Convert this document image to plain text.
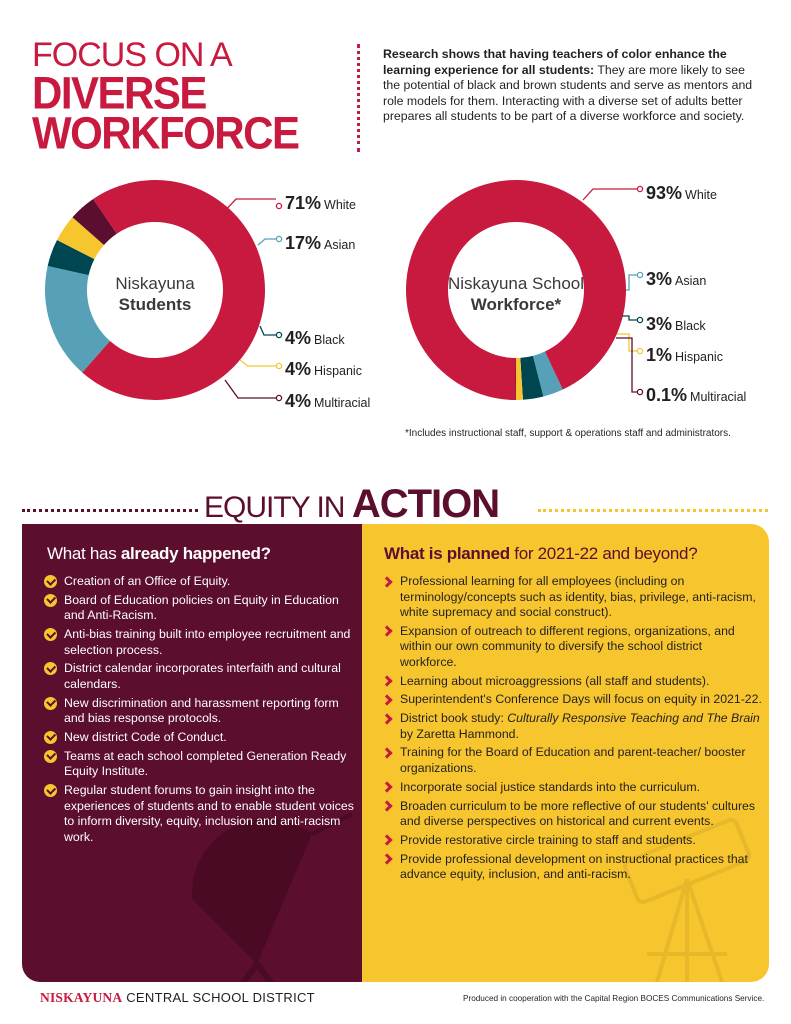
FOCUS ON A
DIVERSE
WORKFORCE

Research shows that having teachers of color enhance the learning experience for all students: They are more likely to see the potential of black and brown students and serve as mentors and role models for them. Interacting with a diverse set of adults better prepares all students to be part of a diverse workforce and society.

Niskayuna
Students
Niskayuna School
Workforce*
71% White
17% Asian
4% Black
4% Hispanic
4% Multiracial
93% White
3% Asian
3% Black
1% Hispanic
0.1% Multiracial
*Includes instructional staff, support & operations staff and administrators.
What has already happened?
Creation of an Office of Equity.
Board of Education policies on Equity in Education and Anti-Racism.
Anti-bias training built into employee recruitment and selection process.
District calendar incorporates interfaith and cultural calendars.
New discrimination and harassment reporting form and bias response protocols.
New district Code of Conduct.
Teams at each school completed Generation Ready Equity Institute.
Regular student forums to gain insight into the experiences of students and to enable student voices to inform diversity, equity, inclusion and anti-racism work.
What is planned for 2021-22 and beyond?
Professional learning for all employees (including on terminology/concepts such as identity, bias, privilege, anti-racism, white supremacy and social construct).
Expansion of outreach to different regions, organizations, and within our own community to diversify the school district workforce.
Learning about microaggressions (all staff and students).
Superintendent's Conference Days will focus on equity in 2021-22.
District book study: Culturally Responsive Teaching and The Brain by Zaretta Hammond.
Training for the Board of Education and parent-teacher/ booster organizations.
Incorporate social justice standards into the curriculum.
Broaden curriculum to be more reflective of our students' cultures and diverse perspectives on historical and current events.
Provide restorative circle training to staff and students.
Provide professional development on instructional practices that advance equity, inclusion, and anti-racism.
EQUITY IN ACTION
NISKAYUNA CENTRAL SCHOOL DISTRICT	Produced in cooperation with the Capital Region BOCES Communications Service.
